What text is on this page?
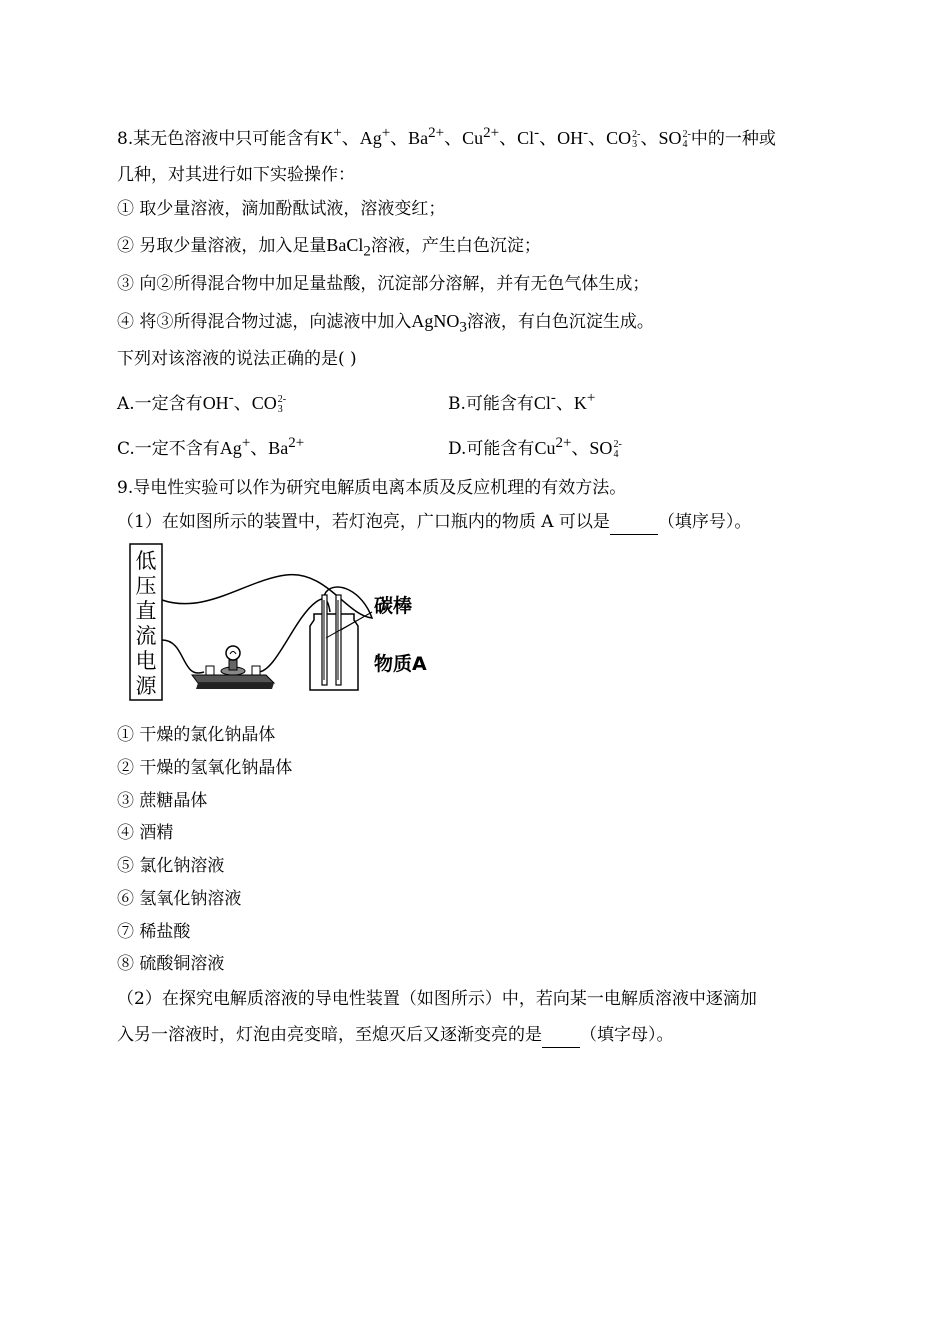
8.某无色溶液中只可能含有K+、Ag+、$Ba^{2+}$、$Cu^{2+}$、Cl-、OH-、CO 2-
3 、SO 2-
4 中的一种或
几种，对其进行如下实验操作：
① 取少量溶液，滴加酚酞试液，溶液变红；
② 另取少量溶液，加入足量BaCl$_2$溶液，产生白色沉淀；
③ 向②所得混合物中加足量盐酸，沉淀部分溶解，并有无色气体生成；
④ 将③所得混合物过滤，向滤液中加入AgNO$_3$溶液，有白色沉淀生成。
下列对该溶液的说法正确的是( )
A.一定含有OH-、CO 2-
3	B.可能含有Cl-、K+
C.一定不含有Ag+、$Ba^{2+}$	D.可能含有$Cu^{2+}$、SO 2-
4
9.导电性实验可以作为研究电解质电离本质及反应机理的有效方法。
（1）在如图所示的装置中，若灯泡亮，广口瓶内的物质 A 可以是	（填序号）。
低
压
直
流
电
源
碳棒
物质A
① 干燥的氯化钠晶体
② 干燥的氢氧化钠晶体
③ 蔗糖晶体
④ 酒精
⑤ 氯化钠溶液
⑥ 氢氧化钠溶液
⑦ 稀盐酸
⑧ 硫酸铜溶液
（2）在探究电解质溶液的导电性装置（如图所示）中，若向某一电解质溶液中逐滴加
入另一溶液时，灯泡由亮变暗，至熄灭后又逐渐变亮的是 （填字母）。
